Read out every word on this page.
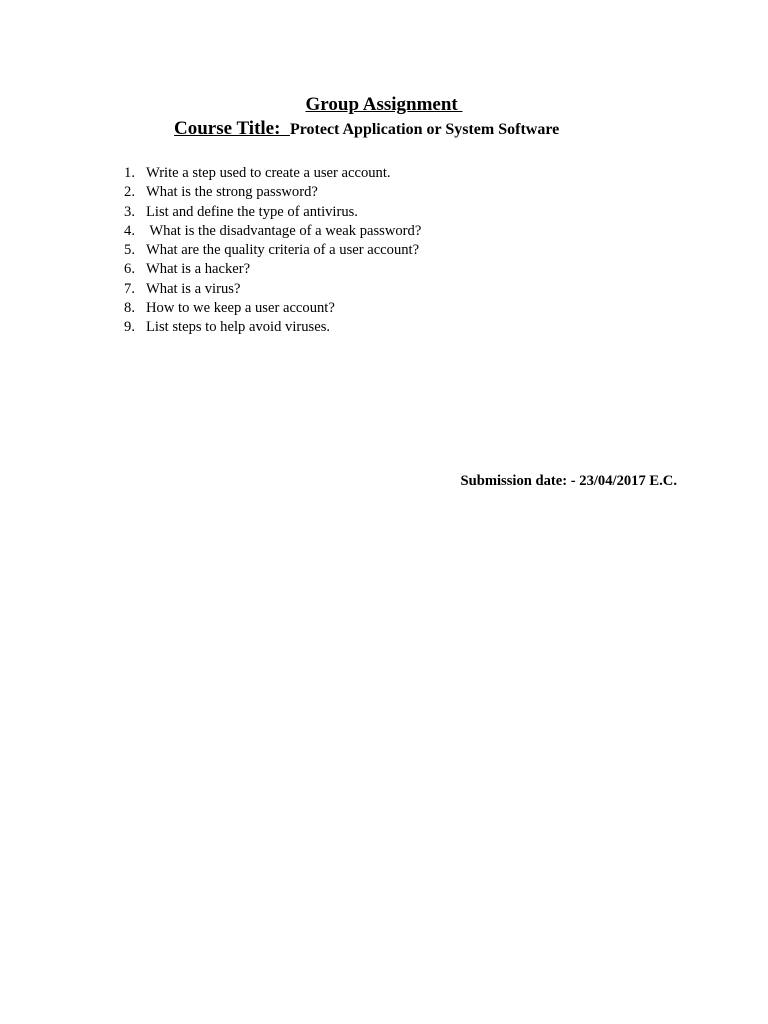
Group Assignment
Course Title:  Protect Application or System Software
1. Write a step used to create a user account.
2. What is the strong password?
3. List and define the type of antivirus.
4. What is the disadvantage of a weak password?
5. What are the quality criteria of a user account?
6. What is a hacker?
7. What is a virus?
8. How to we keep a user account?
9. List steps to help avoid viruses.
Submission date: - 23/04/2017 E.C.
